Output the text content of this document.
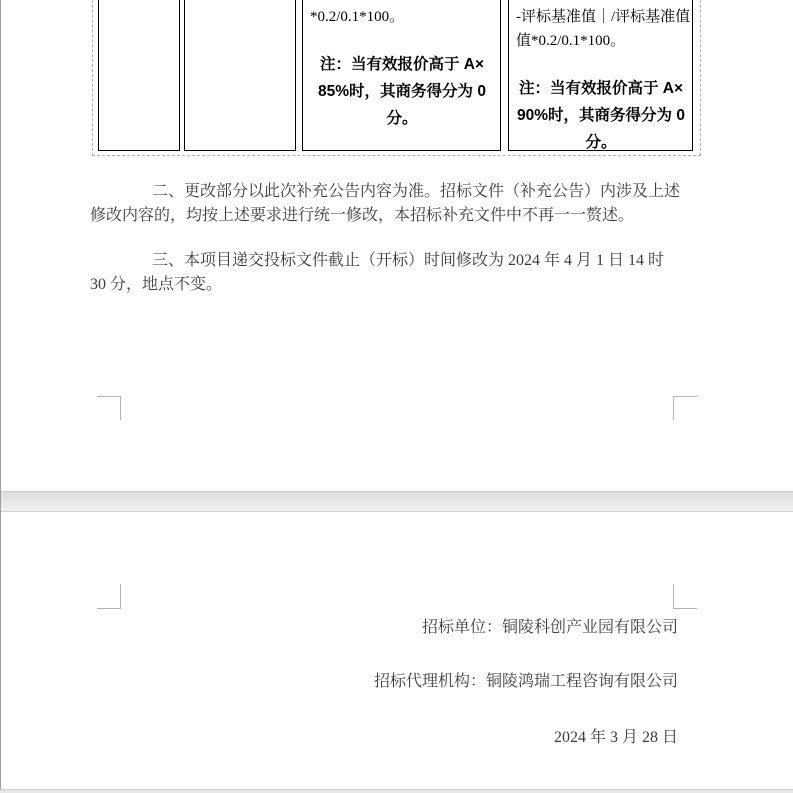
*0.2/0.1*100。
注：当有效报价高于 A×
85%时，其商务得分为 0
分。
-评标基准值｜/评标基准值
值*0.2/0.1*100。
注：当有效报价高于 A×
90%时，其商务得分为 0
分。
二、更改部分以此次补充公告内容为准。招标文件（补充公告）内涉及上述
修改内容的，均按上述要求进行统一修改，本招标补充文件中不再一一赘述。
三、本项目递交投标文件截止（开标）时间修改为 2024 年 4 月 1 日 14 时
30 分，地点不变。
招标单位：铜陵科创产业园有限公司
招标代理机构：铜陵鸿瑞工程咨询有限公司
2024 年 3 月 28 日
